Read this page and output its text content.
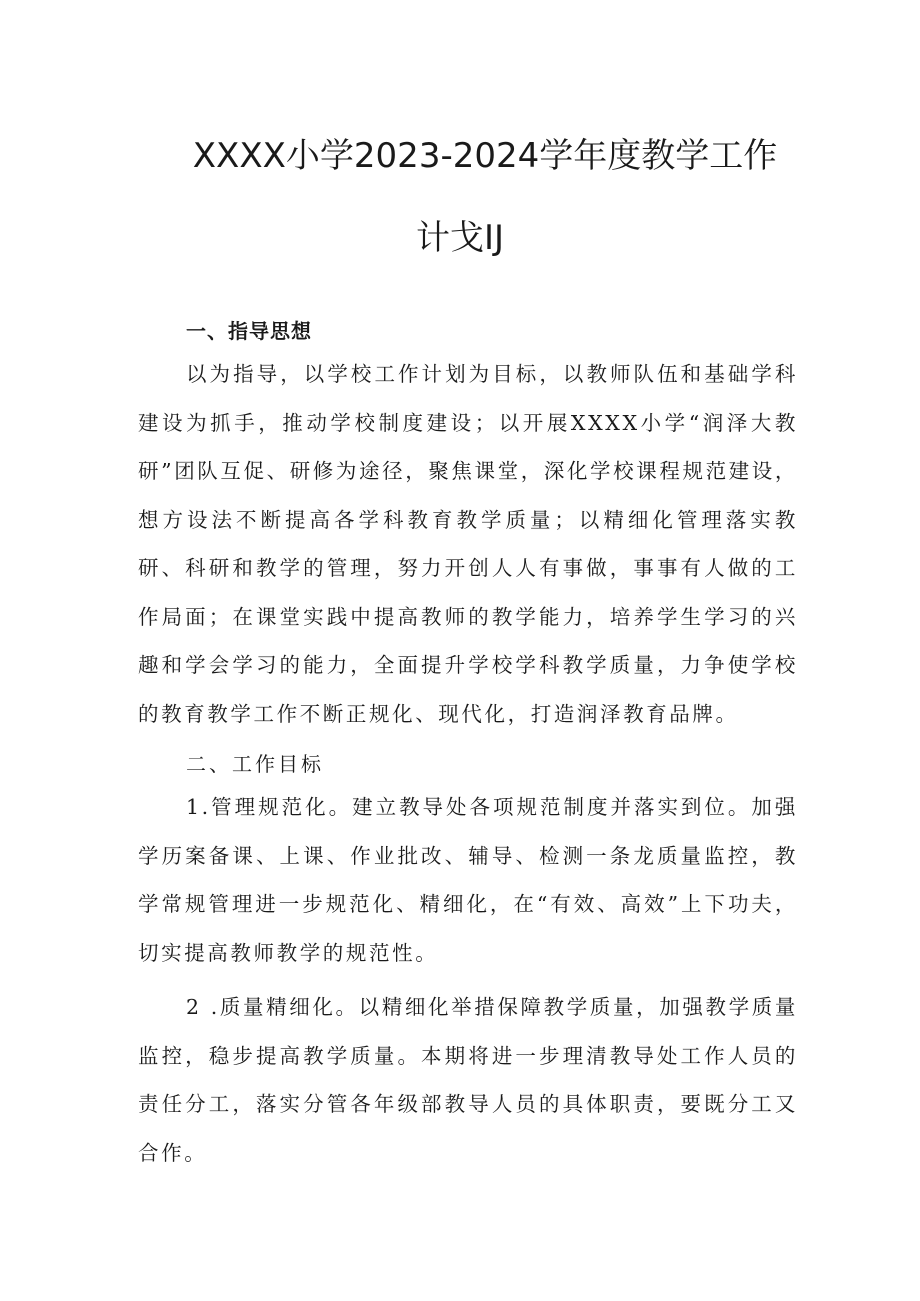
XXXX小学2023-2024学年度教学工作
计戈IJ
一、指导思想

以为指导，以学校工作计划为目标，以教师队伍和基础学科建设为抓手，推动学校制度建设；以开展XXXX小学“润泽大教研”团队互促、研修为途径，聚焦课堂，深化学校课程规范建设，想方设法不断提高各学科教育教学质量；以精细化管理落实教研、科研和教学的管理，努力开创人人有事做，事事有人做的工作局面；在课堂实践中提高教师的教学能力，培养学生学习的兴趣和学会学习的能力，全面提升学校学科教学质量，力争使学校的教育教学工作不断正规化、现代化，打造润泽教育品牌。

二、工作目标

1.管理规范化。建立教导处各项规范制度并落实到位。加强学历案备课、上课、作业批改、辅导、检测一条龙质量监控，教学常规管理进一步规范化、精细化，在“有效、高效”上下功夫，切实提高教师教学的规范性。

2 .质量精细化。以精细化举措保障教学质量，加强教学质量监控，稳步提高教学质量。本期将进一步理清教导处工作人员的责任分工，落实分管各年级部教导人员的具体职责，要既分工又合作。
